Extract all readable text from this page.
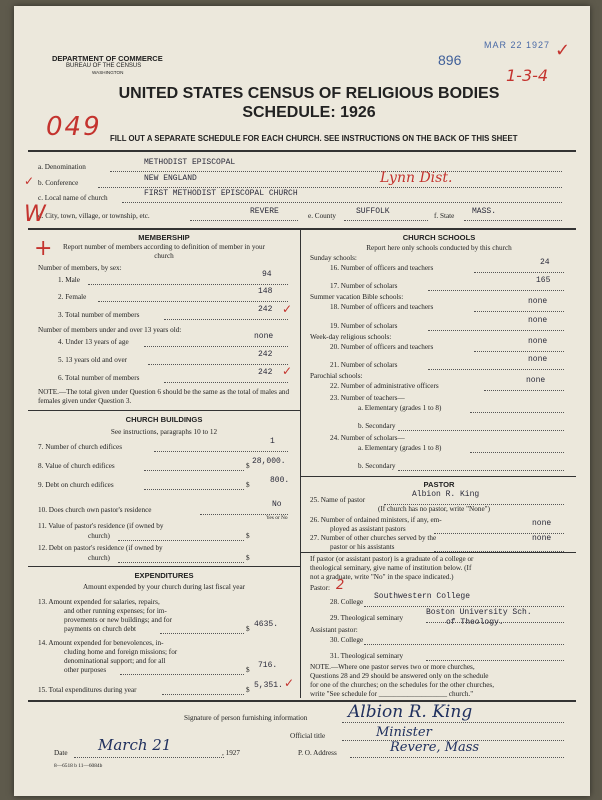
DEPARTMENT OF COMMERCE
BUREAU OF THE CENSUS
WASHINGTON
896
MAR 22 1927 ✓
1-3-4
049
UNITED STATES CENSUS OF RELIGIOUS BODIES
SCHEDULE: 1926
FILL OUT A SEPARATE SCHEDULE FOR EACH CHURCH. SEE INSTRUCTIONS ON THE BACK OF THIS SHEET
a. Denomination	METHODIST EPISCOPAL
b. Conference	NEW ENGLAND	Lynn Dist.
c. Local name of church	FIRST METHODIST EPISCOPAL CHURCH
d. City, town, village, or township, etc.	REVERE	e. County	SUFFOLK	f. State MASS.
W
+
✓
MEMBERSHIP
Report number of members according to definition of member in your church
Number of members, by sex:
1. Male
94
2. Female
148
3. Total number of members
242 ✓
Number of members under and over 13 years old:
4. Under 13 years of age
none
5. 13 years old and over
242
6. Total number of members
242 ✓
NOTE.—The total given under Question 6 should be the same as the total of males and females given under Question 3.
CHURCH BUILDINGS
See instructions, paragraphs 10 to 12
7. Number of church edifices
1
8. Value of church edifices	$ 28,000.
9. Debt on church edifices	$	800.
10. Does church own pastor's residence
No
Yes or No
11. Value of pastor's residence (if owned by
church)	$
12. Debt on pastor's residence (if owned by
church)	$
EXPENDITURES
Amount expended by your church during last fiscal year
13. Amount expended for salaries, repairs,
and other running expenses; for im-
provements or new buildings; and for
payments on church debt	$ 4635.
14. Amount expended for benevolences, in-
cluding home and foreign missions; for
denominational support; and for all
other purposes	$ 716.
15. Total expenditures during year	$ 5,351. ✓
CHURCH SCHOOLS
Report here only schools conducted by this church
Sunday schools:
16. Number of officers and teachers
24
17. Number of scholars
165
Summer vacation Bible schools:
18. Number of officers and teachers
none
19. Number of scholars
none
Week-day religious schools:
20. Number of officers and teachers
none
21. Number of scholars
none
Parochial schools:
22. Number of administrative officers
none
23. Number of teachers—
a. Elementary (grades 1 to 8)
b. Secondary
24. Number of scholars—
a. Elementary (grades 1 to 8)
b. Secondary
PASTOR
25. Name of pastor
Albion R. King
(If church has no pastor, write "None")
26. Number of ordained ministers, if any, em-
ployed as assistant pastors
none
27. Number of other churches served by the
pastor or his assistants
none
If pastor (or assistant pastor) is a graduate of a college or
theological seminary, give name of institution below. (If
not a graduate, write "No" in the space indicated.)
Pastor: 2
28. College
Southwestern College
29. Theological seminary
Boston University Sch.
of Theology.
Assistant pastor:
30. College
31. Theological seminary
NOTE.—Where one pastor serves two or more churches,
Questions 28 and 29 should be answered only on the schedule
for one of the churches; on the schedules for the other churches,
write "See schedule for ___________________ church."
Signature of person furnishing information Albion R. King
Official title	Minister
Date March 21	, 1927	P. O. Address	Revere, Mass
8—6518 b 11—6084b
